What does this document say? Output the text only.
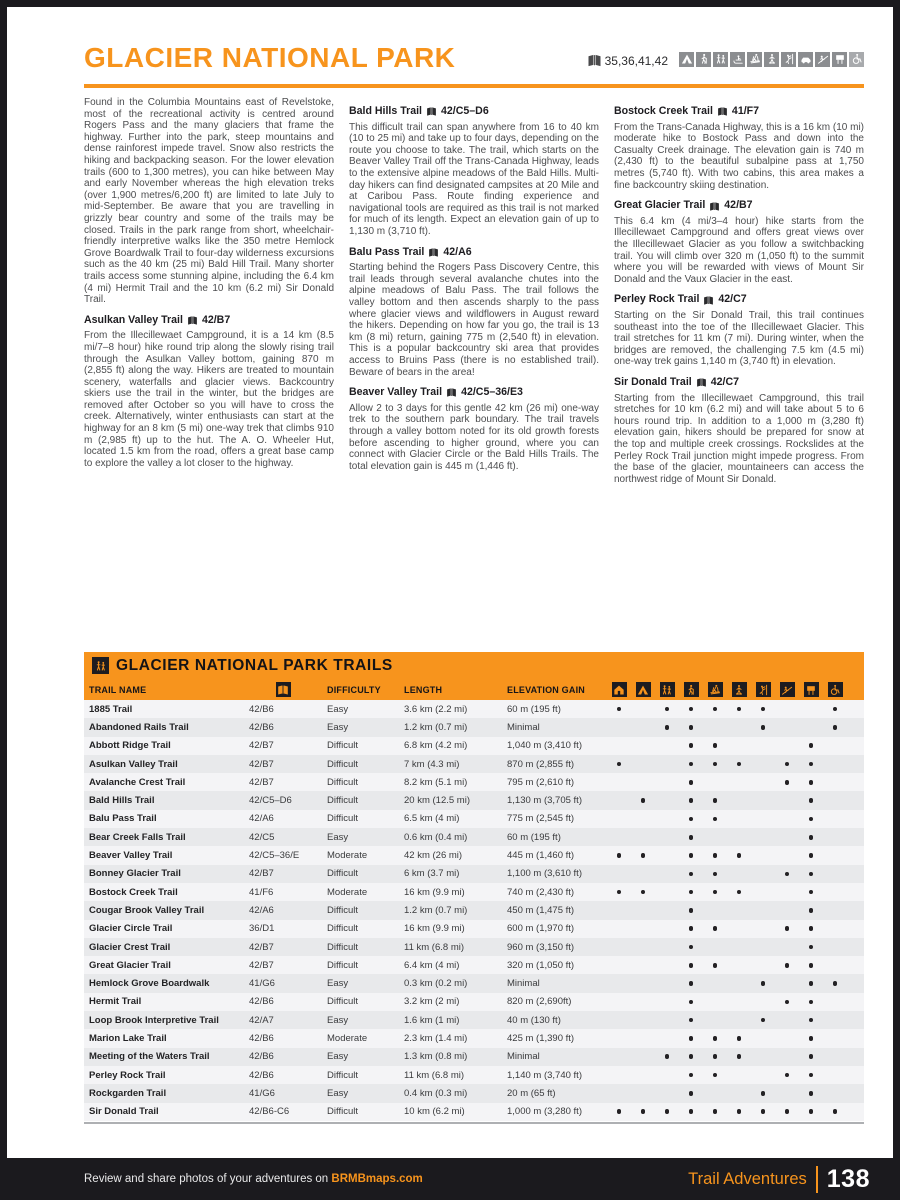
GLACIER NATIONAL PARK	35,36,41,42

Found in the Columbia Mountains east of Revelstoke, most of the recreational activity is centred around Rogers Pass and the many glaciers that frame the highway. Further into the park, steep mountains and dense rainforest impede travel. Snow also restricts the hiking and backpacking season. For the lower elevation trails (600 to 1,300 metres), you can hike between May and early November whereas the high elevation treks (over 1,900 metres/6,200 ft) are limited to late July to mid-September. Be aware that you are travelling in grizzly bear country and some of the trails may be closed. Trails in the park range from short, wheelchair-friendly interpretive walks like the 350 metre Hemlock Grove Boardwalk Trail to four-day wilderness excursions such as the 40 km (25 mi) Bald Hill Trail. Many shorter trails access some stunning alpine, including the 6.4 km (4 mi) Hermit Trail and the 10 km (6.2 mi) Sir Donald Trail.

Asulkan Valley Trail 42/B7

From the Illecillewaet Campground, it is a 14 km (8.5 mi/7–8 hour) hike round trip along the slowly rising trail through the Asulkan Valley bottom, gaining 870 m (2,855 ft) along the way. Hikers are treated to mountain scenery, waterfalls and glacier views. Backcountry skiers use the trail in the winter, but the bridges are removed after October so you will have to cross the creek. Alternatively, winter enthusiasts can start at the highway for an 8 km (5 mi) one-way trek that climbs 910 m (2,985 ft) up to the hut. The A. O. Wheeler Hut, located 1.5 km from the road, offers a great base camp to explore the valley a lot closer to the highway.

Bald Hills Trail 42/C5–D6

This difficult trail can span anywhere from 16 to 40 km (10 to 25 mi) and take up to four days, depending on the route you choose to take. The trail, which starts on the Beaver Valley Trail off the Trans-Canada Highway, leads to the extensive alpine meadows of the Bald Hills. Multi-day hikers can find designated campsites at 20 Mile and at Caribou Pass. Route finding experience and navigational tools are required as this trail is not marked for much of its length. Expect an elevation gain of up to 1,130 m (3,710 ft).

Balu Pass Trail 42/A6

Starting behind the Rogers Pass Discovery Centre, this trail leads through several avalanche chutes into the alpine meadows of Balu Pass. The trail follows the valley bottom and then ascends sharply to the pass where glacier views and wildflowers in August reward the hikers. Depending on how far you go, the trail is 13 km (8 mi) return, gaining 775 m (2,540 ft) in elevation. This is a popular backcountry ski area that provides access to Bruins Pass (there is no established trail). Beware of bears in the area!

Beaver Valley Trail 42/C5–36/E3

Allow 2 to 3 days for this gentle 42 km (26 mi) one-way trek to the southern park boundary. The trail travels through a valley bottom noted for its old growth forests before ascending to higher ground, where you can connect with Glacier Circle or the Bald Hills Trails. The total elevation gain is 445 m (1,446 ft).

Bostock Creek Trail 41/F7

From the Trans-Canada Highway, this is a 16 km (10 mi) moderate hike to Bostock Pass and down into the Casualty Creek drainage. The elevation gain is 740 m (2,430 ft) to the beautiful subalpine pass at 1,750 metres (5,740 ft). With two cabins, this area makes a fine backcountry skiing destination.

Great Glacier Trail 42/B7

This 6.4 km (4 mi/3–4 hour) hike starts from the Illecillewaet Campground and offers great views over the Illecillewaet Glacier as you follow a switchbacking trail. You will climb over 320 m (1,050 ft) to the summit where you will be rewarded with views of Mount Sir Donald and the Vaux Glacier in the east.

Perley Rock Trail 42/C7

Starting on the Sir Donald Trail, this trail continues southeast into the toe of the Illecillewaet Glacier. This trail stretches for 11 km (7 mi). During winter, when the bridges are removed, the challenging 7.5 km (4.5 mi) one-way trek gains 1,140 m (3,740 ft) in elevation.

Sir Donald Trail 42/C7

Starting from the Illecillewaet Campground, this trail stretches for 10 km (6.2 mi) and will take about 5 to 6 hours round trip. In addition to a 1,000 m (3,280 ft) elevation gain, hikers should be prepared for snow at the top and multiple creek crossings. Rockslides at the Perley Rock Trail junction might impede progress. From the base of the glacier, mountaineers can access the northwest ridge of Mount Sir Donald.

GLACIER NATIONAL PARK TRAILS
TRAIL NAME		DIFFICULTY	LENGTH	ELEVATION GAIN	

1885 Trail	42/B6	Easy	3.6 km (2.2 mi)	60 m (195 ft)											
Abandoned Rails Trail	42/B6	Easy	1.2 km (0.7 mi)	Minimal											
Abbott Ridge Trail	42/B7	Difficult	6.8 km (4.2 mi)	1,040 m (3,410 ft)											
Asulkan Valley Trail	42/B7	Difficult	7 km (4.3 mi)	870 m (2,855 ft)											
Avalanche Crest Trail	42/B7	Difficult	8.2 km (5.1 mi)	795 m (2,610 ft)											
Bald Hills Trail	42/C5–D6	Difficult	20 km (12.5 mi)	1,130 m (3,705 ft)											
Balu Pass Trail	42/A6	Difficult	6.5 km (4 mi)	775 m (2,545 ft)											
Bear Creek Falls Trail	42/C5	Easy	0.6 km (0.4 mi)	60 m (195 ft)											
Beaver Valley Trail	42/C5–36/E	Moderate	42 km (26 mi)	445 m (1,460 ft)											
Bonney Glacier Trail	42/B7	Difficult	6 km (3.7 mi)	1,100 m (3,610 ft)											
Bostock Creek Trail	41/F6	Moderate	16 km (9.9 mi)	740 m (2,430 ft)											
Cougar Brook Valley Trail	42/A6	Difficult	1.2 km (0.7 mi)	450 m (1,475 ft)											
Glacier Circle Trail	36/D1	Difficult	16 km (9.9 mi)	600 m (1,970 ft)											
Glacier Crest Trail	42/B7	Difficult	11 km (6.8 mi)	960 m (3,150 ft)											
Great Glacier Trail	42/B7	Difficult	6.4 km (4 mi)	320 m (1,050 ft)											
Hemlock Grove Boardwalk	41/G6	Easy	0.3 km (0.2 mi)	Minimal											
Hermit Trail	42/B6	Difficult	3.2 km (2 mi)	820 m (2,690ft)											
Loop Brook Interpretive Trail	42/A7	Easy	1.6 km (1 mi)	40 m (130 ft)											
Marion Lake Trail	42/B6	Moderate	2.3 km (1.4 mi)	425 m (1,390 ft)											
Meeting of the Waters Trail	42/B6	Easy	1.3 km (0.8 mi)	Minimal											
Perley Rock Trail	42/B6	Difficult	11 km (6.8 mi)	1,140 m (3,740 ft)											
Rockgarden Trail	41/G6	Easy	0.4 km (0.3 mi)	20 m (65 ft)											
Sir Donald Trail	42/B6-C6	Difficult	10 km (6.2 mi)	1,000 m (3,280 ft)											
Review and share photos of your adventures on BRMBmaps.com	Trail Adventures 138
